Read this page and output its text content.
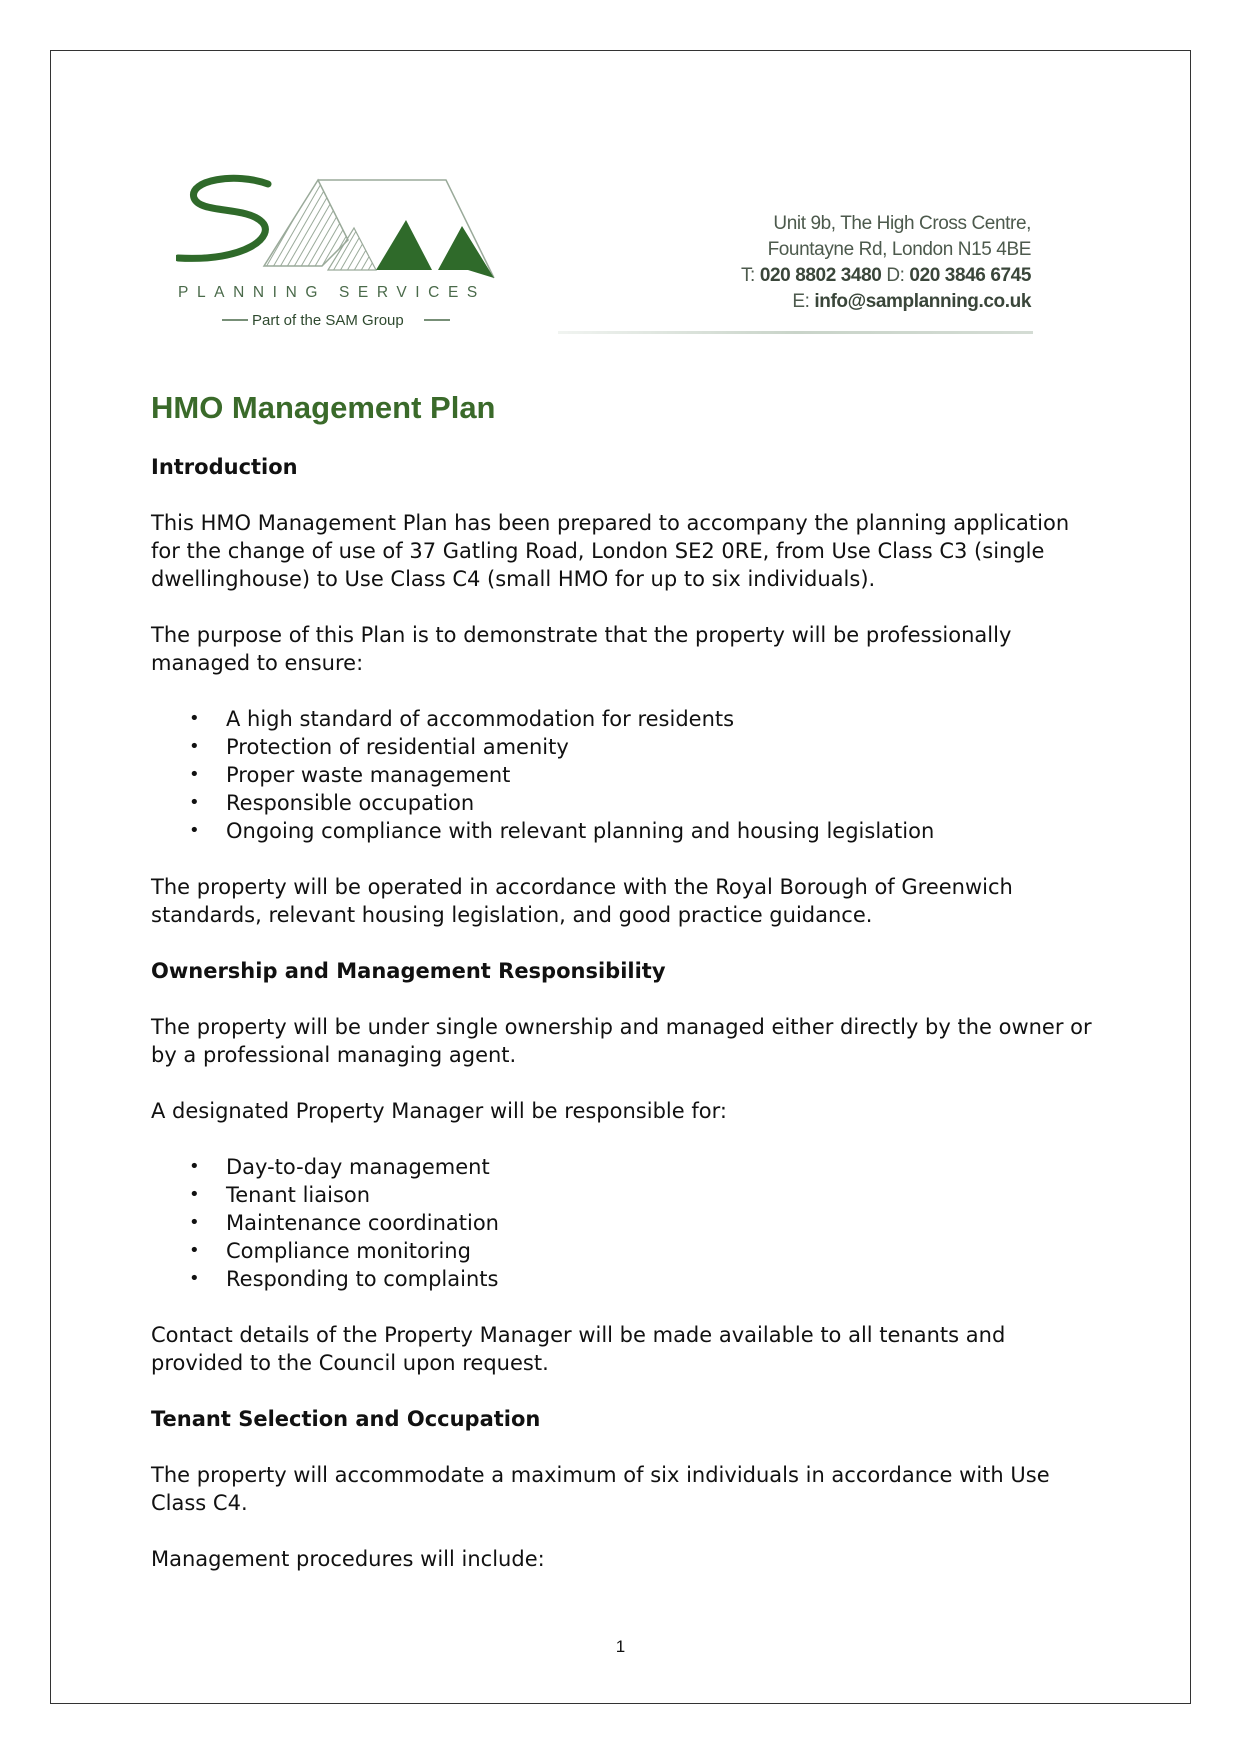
PLANNING SERVICES
Part of the SAM Group
Unit 9b, The High Cross Centre,
Fountayne Rd, London N15 4BE
T: 020 8802 3480 D: 020 3846 6745
E: info@samplanning.co.uk
HMO Management Plan
Introduction

This HMO Management Plan has been prepared to accompany the planning application for the change of use of 37 Gatling Road, London SE2 0RE, from Use Class C3 (single dwellinghouse) to Use Class C4 (small HMO for up to six individuals).

The purpose of this Plan is to demonstrate that the property will be professionally managed to ensure:

• A high standard of accommodation for residents
• Protection of residential amenity
• Proper waste management
• Responsible occupation
• Ongoing compliance with relevant planning and housing legislation

The property will be operated in accordance with the Royal Borough of Greenwich standards, relevant housing legislation, and good practice guidance.

Ownership and Management Responsibility

The property will be under single ownership and managed either directly by the owner or by a professional managing agent.

A designated Property Manager will be responsible for:

• Day-to-day management
• Tenant liaison
• Maintenance coordination
• Compliance monitoring
• Responding to complaints

Contact details of the Property Manager will be made available to all tenants and provided to the Council upon request.

Tenant Selection and Occupation

The property will accommodate a maximum of six individuals in accordance with Use Class C4.

Management procedures will include:

1
